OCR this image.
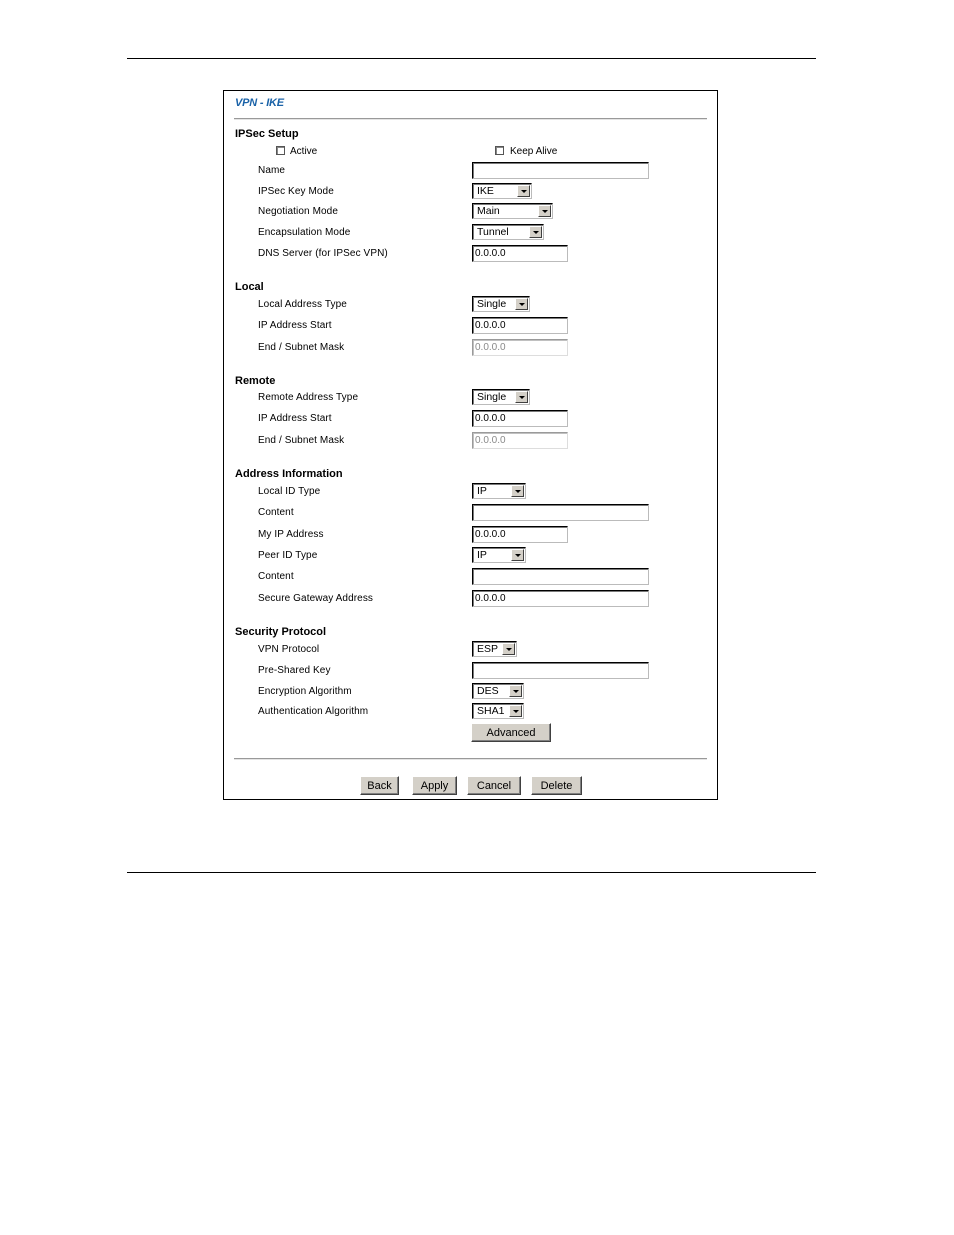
VPN - IKE
IPSec Setup
Active	Keep Alive
Name
IPSec Key Mode	IKE
Negotiation Mode	Main
Encapsulation Mode	Tunnel
DNS Server (for IPSec VPN)	0.0.0.0
Local
Local Address Type	Single
IP Address Start	0.0.0.0
End / Subnet Mask	0.0.0.0
Remote
Remote Address Type	Single
IP Address Start	0.0.0.0
End / Subnet Mask	0.0.0.0
Address Information
Local ID Type	IP
Content
My IP Address	0.0.0.0
Peer ID Type	IP
Content
Secure Gateway Address	0.0.0.0
Security Protocol
VPN Protocol	ESP
Pre-Shared Key
Encryption Algorithm	DES
Authentication Algorithm	SHA1
Advanced
Back	Apply	Cancel	Delete
